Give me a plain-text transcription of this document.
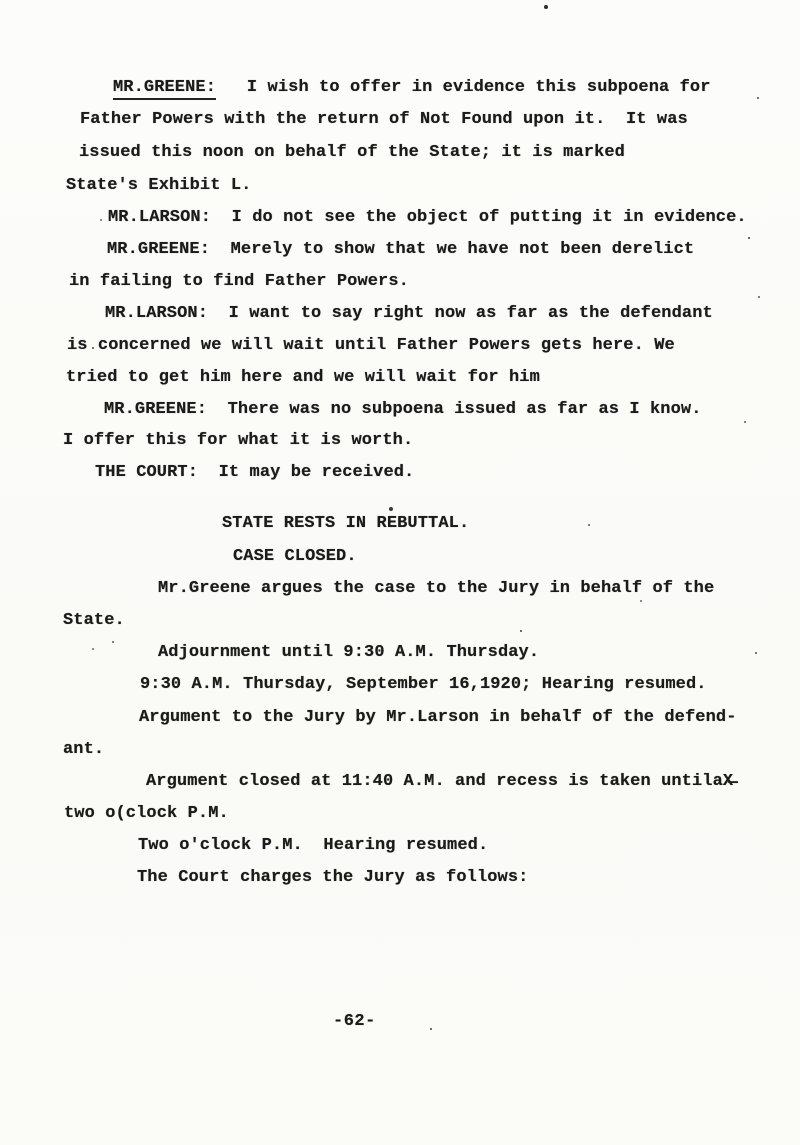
MR.GREENE:   I wish to offer in evidence this subpoena for
Father Powers with the return of Not Found upon it.  It was
issued this noon on behalf of the State; it is marked
State's Exhibit L.
MR.LARSON:  I do not see the object of putting it in evidence.
MR.GREENE:  Merely to show that we have not been derelict
in failing to find Father Powers.
MR.LARSON:  I want to say right now as far as the defendant
is concerned we will wait until Father Powers gets here. We
tried to get him here and we will wait for him
MR.GREENE:  There was no subpoena issued as far as I know.
I offer this for what it is worth.
THE COURT:  It may be received.
STATE RESTS IN REBUTTAL.
CASE CLOSED.
Mr.Greene argues the case to the Jury in behalf of the
State.
Adjournment until 9:30 A.M. Thursday.
9:30 A.M. Thursday, September 16,1920; Hearing resumed.
Argument to the Jury by Mr.Larson in behalf of the defend-
ant.
Argument closed at 11:40 A.M. and recess is taken untilaX̶
two o(clock P.M.
Two o'clock P.M.  Hearing resumed.
The Court charges the Jury as follows:
-62-
